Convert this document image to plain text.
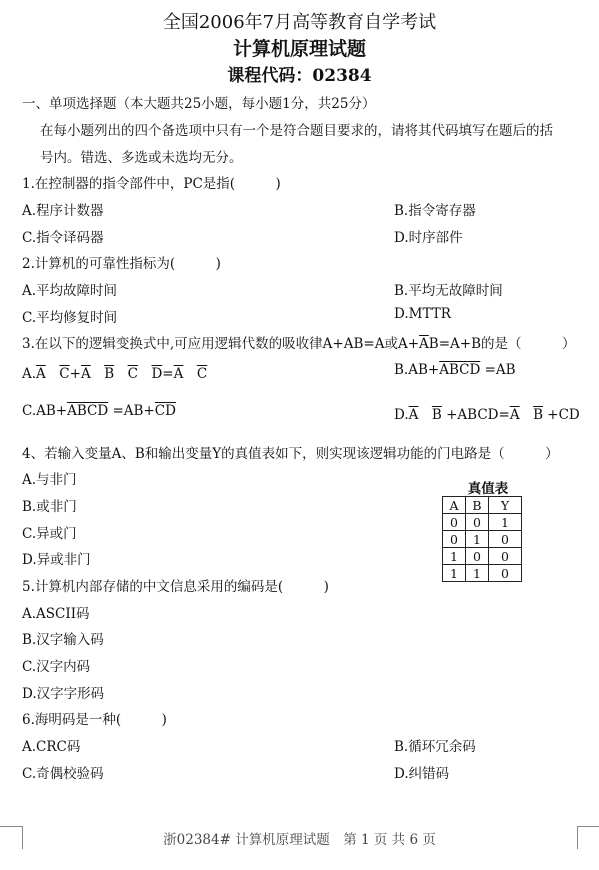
全国2006年7月高等教育自学考试
计算机原理试题
课程代码：02384
一、单项选择题（本大题共25小题，每小题1分，共25分）
在每小题列出的四个备选项中只有一个是符合题目要求的，请将其代码填写在题后的括
号内。错选、多选或未选均无分。
1.在控制器的指令部件中，PC是指(　　　)
A.程序计数器	B.指令寄存器
C.指令译码器	D.时序部件
2.计算机的可靠性指标为(　　　)
A.平均故障时间	B.平均无故障时间
C.平均修复时间	D.MTTR
3.在以下的逻辑变换式中,可应用逻辑代数的吸收律A+AB=A或$A+\overline{A}B=A+B$的是（　　　）
$A.\overline{A}$　 $\overline{C}+\overline{A}$　 $\overline{B}$　 $\overline{C}$　 $\overline{D}=\overline{A}$　 $\overline{C}$	B.AB+ABCD =AB
C.AB+ABCD $=AB+\overline{CD}$	$D.\overline{A}$　 $\overline{B}$ $+ABCD=\overline{A}$　 $\overline{B} +CD$
4、若输入变量A、B和输出变量Y的真值表如下，则实现该逻辑功能的门电路是（　　　）
A.与非门
B.或非门
C.异或门
D.异或非门
真值表
A	B	Y
0	0	1
0	1	0
1	0	0
1	1	0
5.计算机内部存储的中文信息采用的编码是(　　　)
A.ASCII码
B.汉字输入码
C.汉字内码
D.汉字字形码
6.海明码是一种(　　　)
A.CRC码	B.循环冗余码
C.奇偶校验码	D.纠错码
浙02384# 计算机原理试题　第 1 页 共 6 页
